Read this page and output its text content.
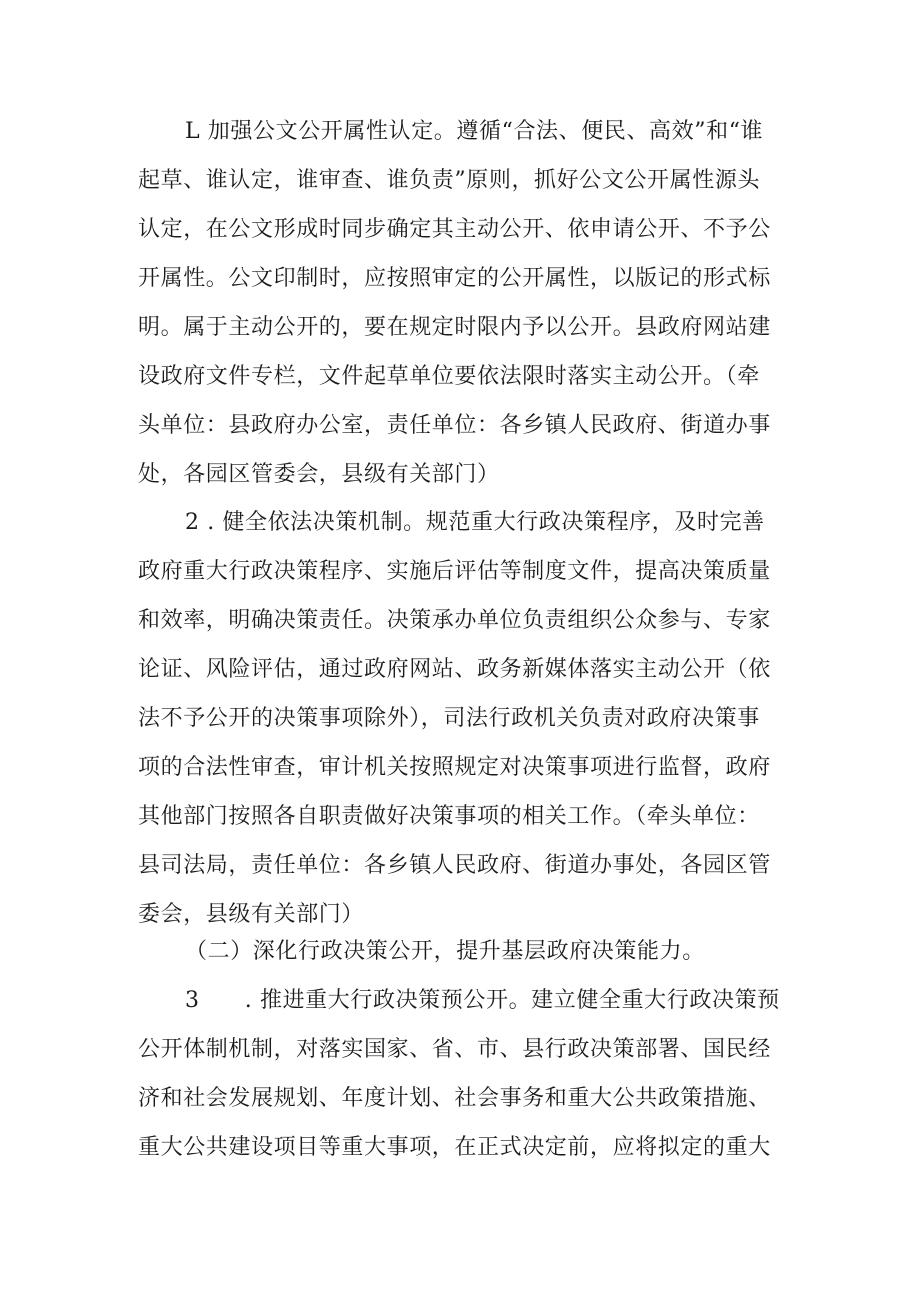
L 加强公文公开属性认定。遵循“合法、便民、高效”和“谁
起草、谁认定，谁审查、谁负责”原则，抓好公文公开属性源头
认定，在公文形成时同步确定其主动公开、依申请公开、不予公
开属性。公文印制时，应按照审定的公开属性，以版记的形式标
明。属于主动公开的，要在规定时限内予以公开。县政府网站建
设政府文件专栏，文件起草单位要依法限时落实主动公开。（牵
头单位：县政府办公室，责任单位：各乡镇人民政府、街道办事
处，各园区管委会，县级有关部门）
2 . 健全依法决策机制。规范重大行政决策程序，及时完善
政府重大行政决策程序、实施后评估等制度文件，提高决策质量
和效率，明确决策责任。决策承办单位负责组织公众参与、专家
论证、风险评估，通过政府网站、政务新媒体落实主动公开（依
法不予公开的决策事项除外），司法行政机关负责对政府决策事
项的合法性审查，审计机关按照规定对决策事项进行监督，政府
其他部门按照各自职责做好决策事项的相关工作。（牵头单位：
县司法局，责任单位：各乡镇人民政府、街道办事处，各园区管
委会，县级有关部门）
（二）深化行政决策公开，提升基层政府决策能力。
3　　. 推进重大行政决策预公开。建立健全重大行政决策预
公开体制机制，对落实国家、省、市、县行政决策部署、国民经
济和社会发展规划、年度计划、社会事务和重大公共政策措施、
重大公共建设项目等重大事项，在正式决定前，应将拟定的重大
